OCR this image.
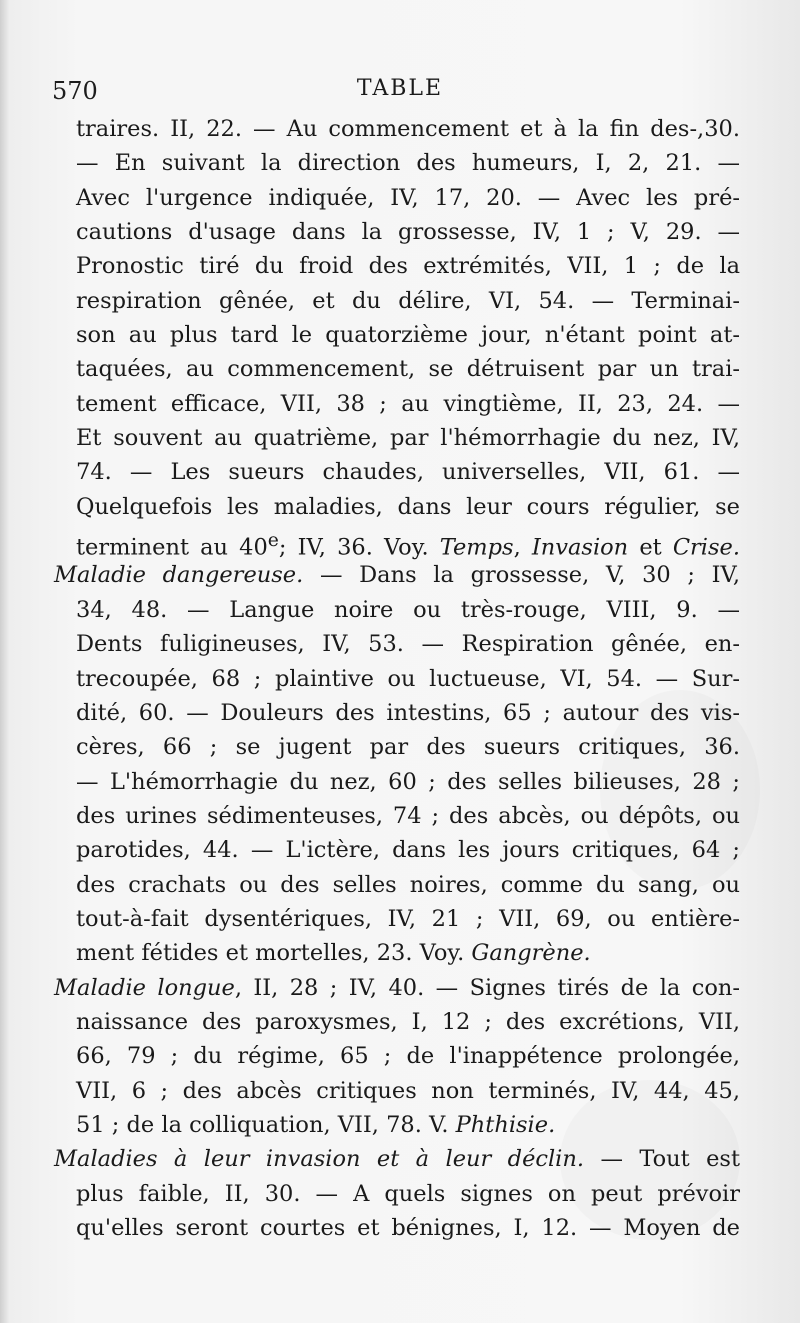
570	TABLE
traires. II, 22. — Au commencement et à la fin des-,30.
— En suivant la direction des humeurs, I, 2, 21. —
Avec l'urgence indiquée, IV, 17, 20. — Avec les pré-
cautions d'usage dans la grossesse, IV, 1 ; V, 29. —
Pronostic tiré du froid des extrémités, VII, 1 ; de la
respiration gênée, et du délire, VI, 54. — Terminai-
son au plus tard le quatorzième jour, n'étant point at-
taquées, au commencement, se détruisent par un trai-
tement efficace, VII, 38 ; au vingtième, II, 23, 24. —
Et souvent au quatrième, par l'hémorrhagie du nez, IV,
74. — Les sueurs chaudes, universelles, VII, 61. —
Quelquefois les maladies, dans leur cours régulier, se
terminent au 40e; IV, 36. Voy. Temps, Invasion et Crise.
Maladie dangereuse. — Dans la grossesse, V, 30 ; IV,
34, 48. — Langue noire ou très-rouge, VIII, 9. —
Dents fuligineuses, IV, 53. — Respiration gênée, en-
trecoupée, 68 ; plaintive ou luctueuse, VI, 54. — Sur-
dité, 60. — Douleurs des intestins, 65 ; autour des vis-
cères, 66 ; se jugent par des sueurs critiques, 36.
— L'hémorrhagie du nez, 60 ; des selles bilieuses, 28 ;
des urines sédimenteuses, 74 ; des abcès, ou dépôts, ou
parotides, 44. — L'ictère, dans les jours critiques, 64 ;
des crachats ou des selles noires, comme du sang, ou
tout-à-fait dysentériques, IV, 21 ; VII, 69, ou entière-
ment fétides et mortelles, 23. Voy. Gangrène.
Maladie longue, II, 28 ; IV, 40. — Signes tirés de la con-
naissance des paroxysmes, I, 12 ; des excrétions, VII,
66, 79 ; du régime, 65 ; de l'inappétence prolongée,
VII, 6 ; des abcès critiques non terminés, IV, 44, 45,
51 ; de la colliquation, VII, 78. V. Phthisie.
Maladies à leur invasion et à leur déclin. — Tout est
plus faible, II, 30. — A quels signes on peut prévoir
qu'elles seront courtes et bénignes, I, 12. — Moyen de
